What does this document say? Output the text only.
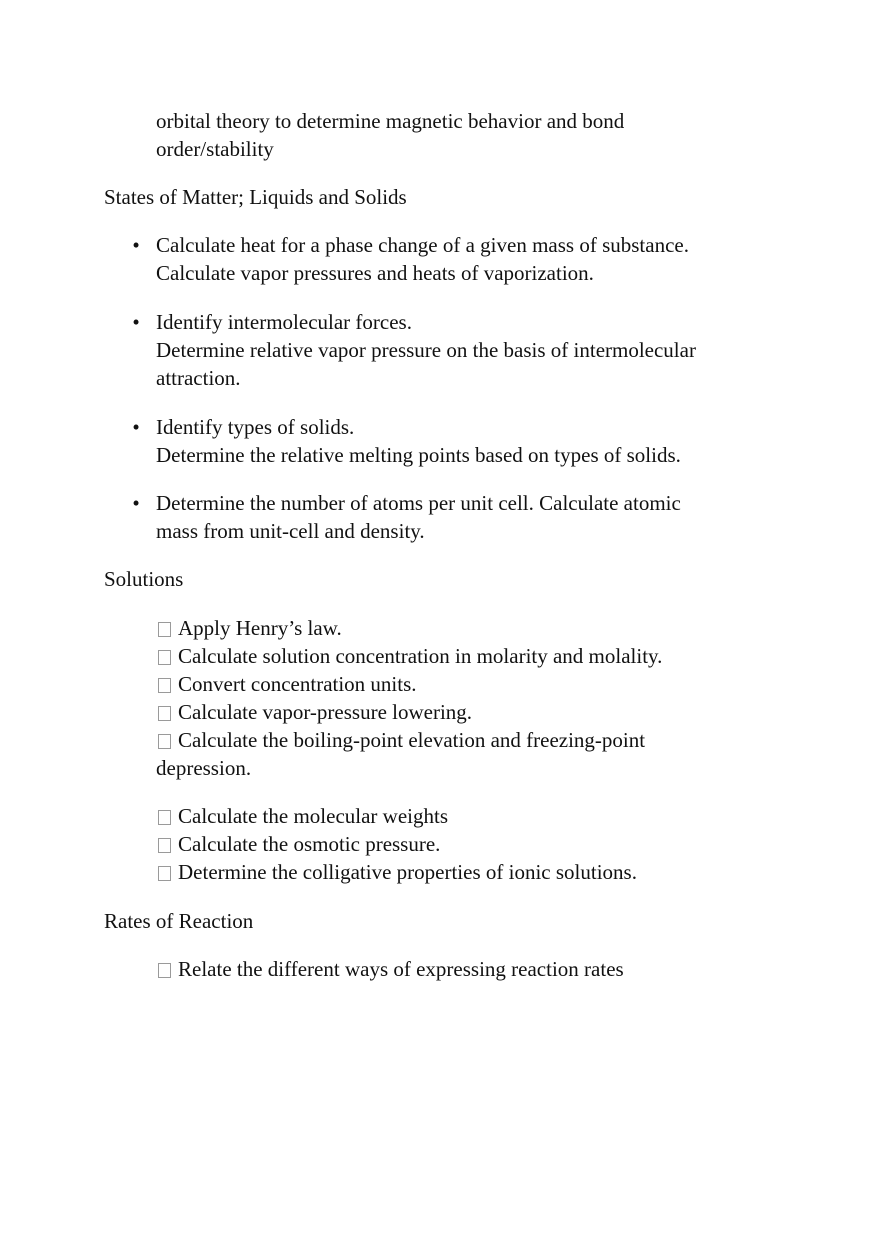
orbital theory to determine magnetic behavior and bond
order/stability
States of Matter; Liquids and Solids
• Calculate heat for a phase change of a given mass of substance.
Calculate vapor pressures and heats of vaporization.
• Identify intermolecular forces.
Determine relative vapor pressure on the basis of intermolecular
attraction.
• Identify types of solids.
Determine the relative melting points based on types of solids.
• Determine the number of atoms per unit cell. Calculate atomic
mass from unit-cell and density.
Solutions
Apply Henry’s law.
Calculate solution concentration in molarity and molality.
Convert concentration units.
Calculate vapor-pressure lowering.
Calculate the boiling-point elevation and freezing-point
depression.
Calculate the molecular weights
Calculate the osmotic pressure.
Determine the colligative properties of ionic solutions.
Rates of Reaction
Relate the different ways of expressing reaction rates
